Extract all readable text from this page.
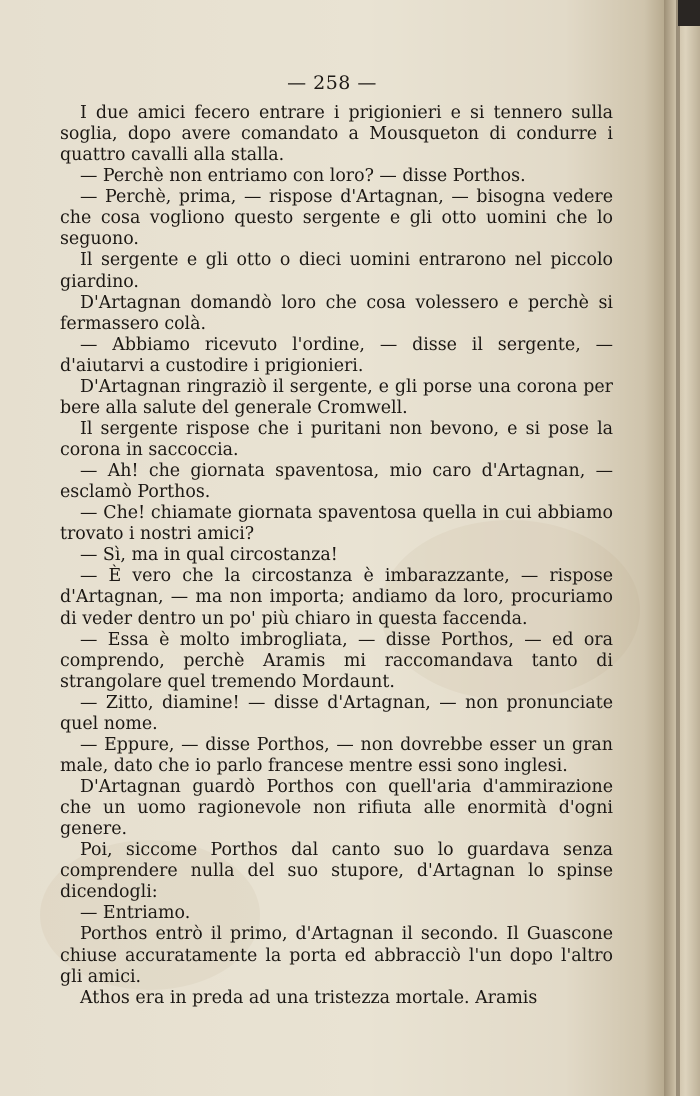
— 258 —

I due amici fecero entrare i prigionieri e si tennero sulla soglia, dopo avere comandato a Mousqueton di condurre i quattro cavalli alla stalla.

— Perchè non entriamo con loro? — disse Porthos.

— Perchè, prima, — rispose d'Artagnan, — bisogna vedere che cosa vogliono questo sergente e gli otto uomini che lo seguono.

Il sergente e gli otto o dieci uomini entrarono nel piccolo giardino.

D'Artagnan domandò loro che cosa volessero e perchè si fermassero colà.

— Abbiamo ricevuto l'ordine, — disse il sergente, — d'aiutarvi a custodire i prigionieri.

D'Artagnan ringraziò il sergente, e gli porse una corona per bere alla salute del generale Cromwell.

Il sergente rispose che i puritani non bevono, e si pose la corona in saccoccia.

— Ah! che giornata spaventosa, mio caro d'Artagnan, — esclamò Porthos.

— Che! chiamate giornata spaventosa quella in cui abbiamo trovato i nostri amici?

— Sì, ma in qual circostanza!

— È vero che la circostanza è imbarazzante, — rispose d'Artagnan, — ma non importa; andiamo da loro, procuriamo di veder dentro un po' più chiaro in questa faccenda.

— Essa è molto imbrogliata, — disse Porthos, — ed ora comprendo, perchè Aramis mi raccomandava tanto di strangolare quel tremendo Mordaunt.

— Zitto, diamine! — disse d'Artagnan, — non pronunciate quel nome.

— Eppure, — disse Porthos, — non dovrebbe esser un gran male, dato che io parlo francese mentre essi sono inglesi.

D'Artagnan guardò Porthos con quell'aria d'ammirazione che un uomo ragionevole non rifiuta alle enormità d'ogni genere.

Poi, siccome Porthos dal canto suo lo guardava senza comprendere nulla del suo stupore, d'Artagnan lo spinse dicendogli:

— Entriamo.

Porthos entrò il primo, d'Artagnan il secondo. Il Guascone chiuse accuratamente la porta ed abbracciò l'un dopo l'altro gli amici.

Athos era in preda ad una tristezza mortale. Aramis
